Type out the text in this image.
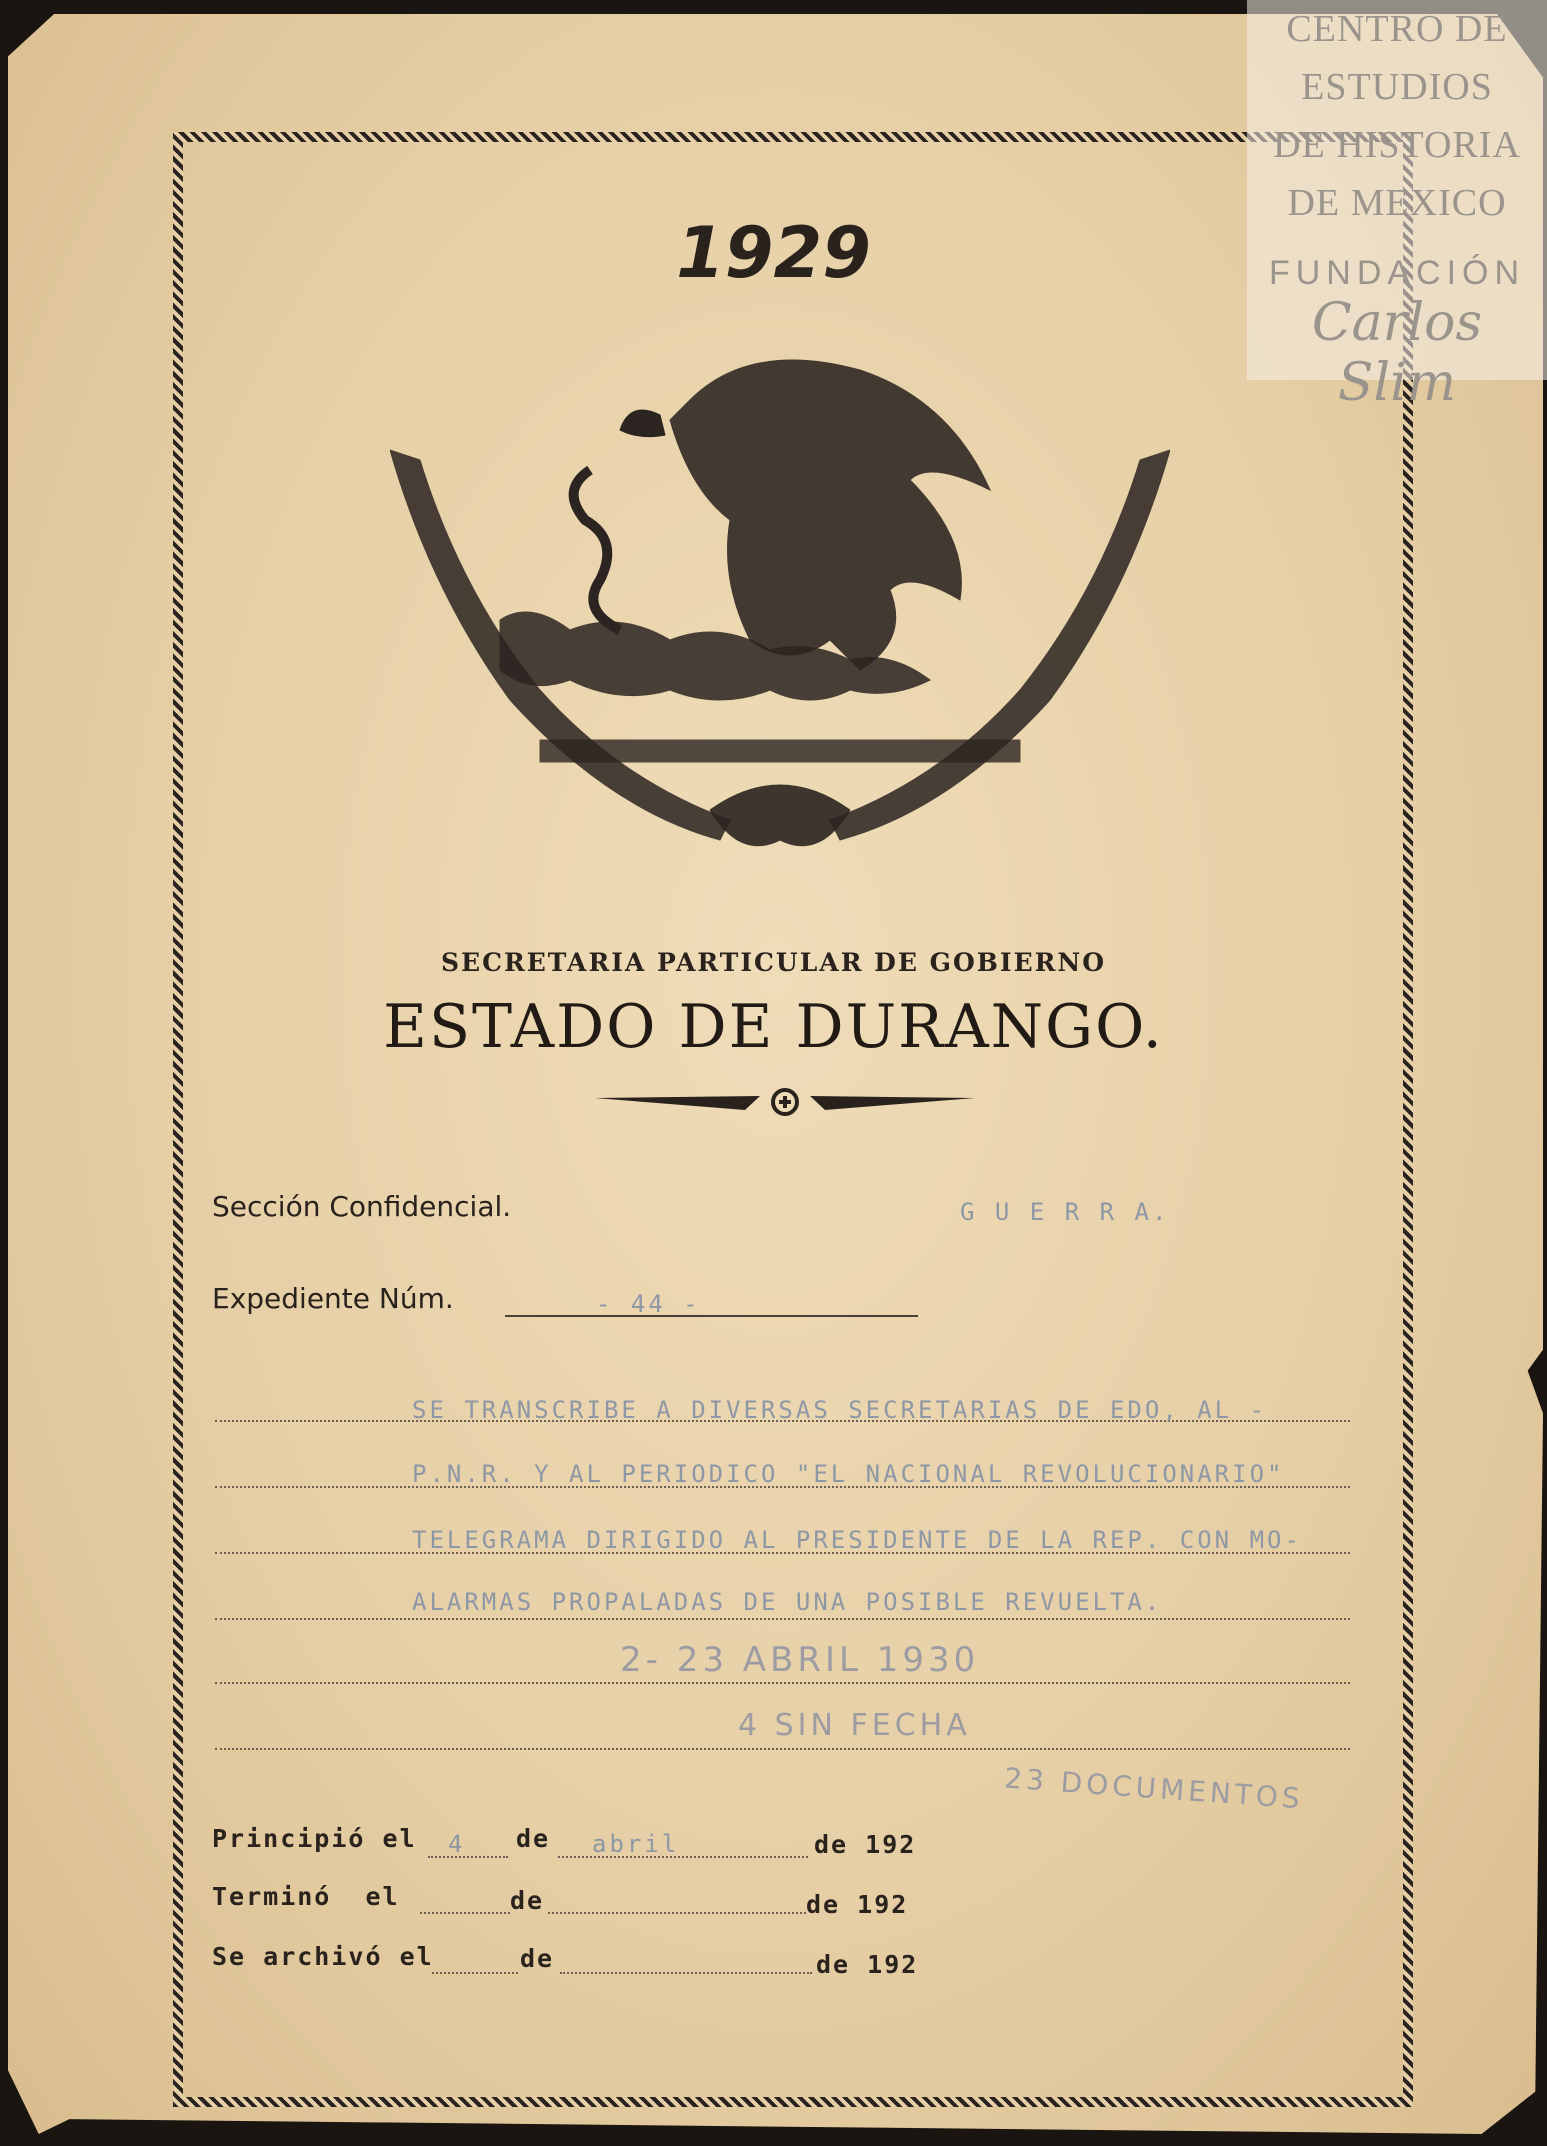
CENTRO DE
ESTUDIOS
DE HISTORIA
DE MEXICO
FUNDACIÓN
Carlos Slim
1929
SECRETARIA PARTICULAR DE GOBIERNO
ESTADO DE DURANGO.
Sección Confidencial.	G U E R R A.
Expediente Núm.	- 44 -
SE TRANSCRIBE A DIVERSAS SECRETARIAS DE EDO, AL -
P.N.R. Y AL PERIODICO "EL NACIONAL REVOLUCIONARIO"
TELEGRAMA DIRIGIDO AL PRESIDENTE DE LA REP. CON MO-
ALARMAS PROPALADAS DE UNA POSIBLE REVUELTA.
2- 23 ABRIL 1930
4 SIN FECHA
23 DOCUMENTOS
Principió el 4 de abril	de 192
Terminó  el	de	de 192
Se archivó el	de	de 192
